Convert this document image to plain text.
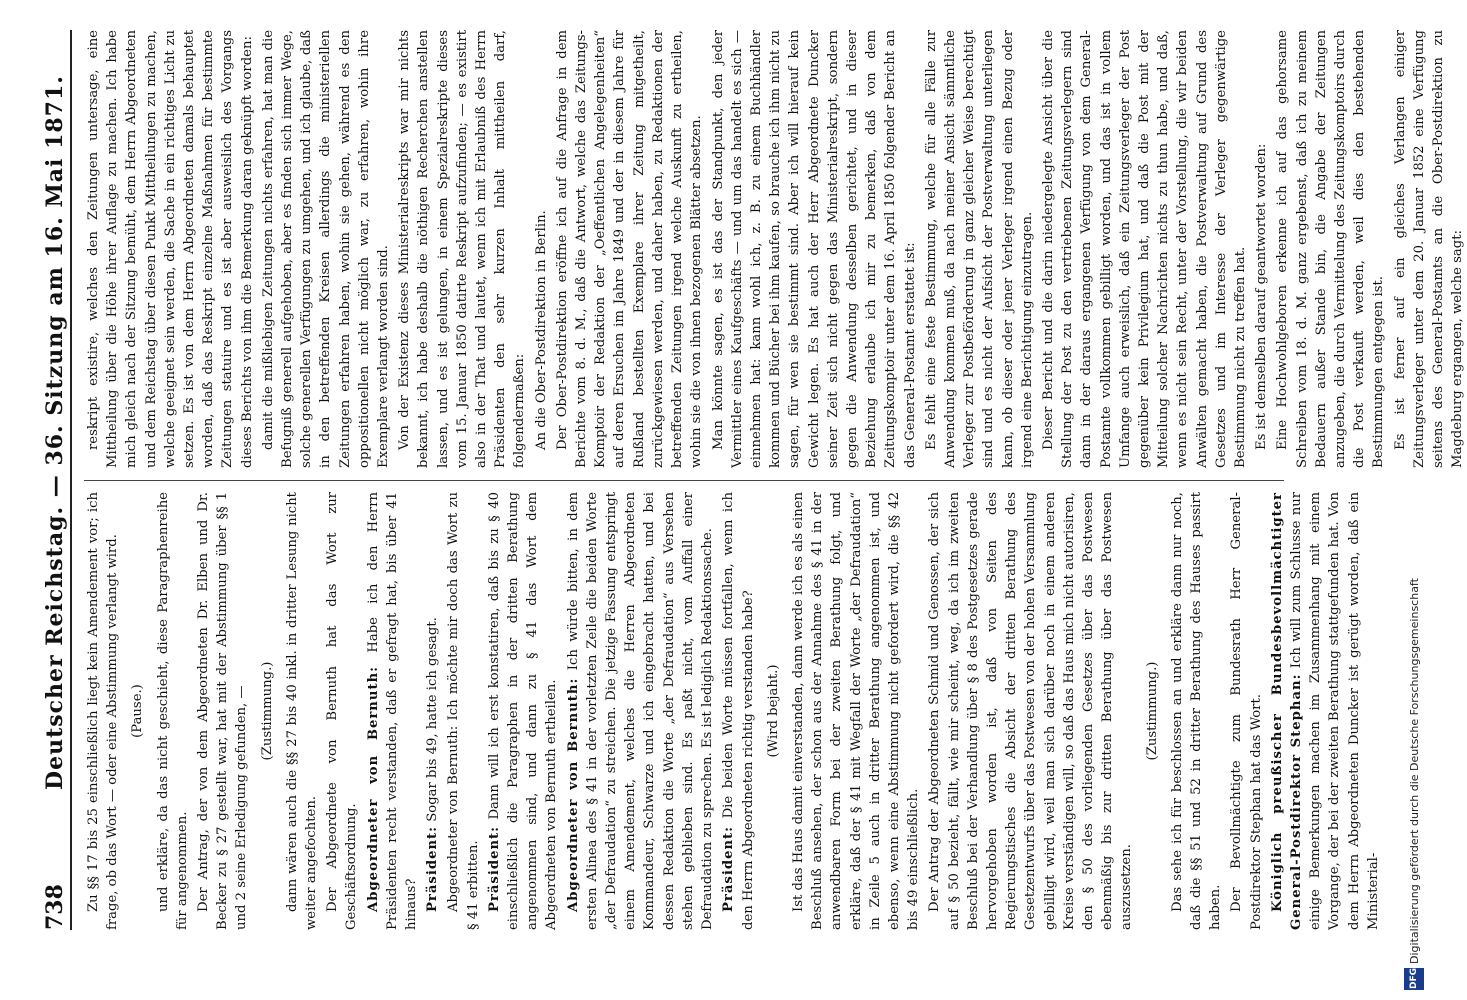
738
Deutscher Reichstag. — 36. Sitzung am 16. Mai 1871. Zu §§ 17 bis 25 einschließlich liegt kein Amendement vor; ich frage, ob das Wort — oder eine Abstimmung verlangt wird. (Pause.) und erkläre, da das nicht geschieht, diese Paragraphenreihe für angenommen. Der Antrag, der von dem Abgeordneten Dr. Elben und Dr. Becker zu § 27 gestellt war, hat mit der Abstimmung über §§ 1 und 2 seine Erledigung gefunden, — (Zustimmung.) dann wären auch die §§ 27 bis 40 inkl. in dritter Lesung nicht weiter angefochten. Der Abgeordnete von Bernuth hat das Wort zur Geschäftsordnung. Abgeordneter von Bernuth: Habe ich den Herrn Präsidenten recht verstanden, daß er gefragt hat, bis über 41 hinaus? Präsident: Sogar bis 49, hatte ich gesagt. Abgeordneter von Bernuth: Ich möchte mir doch das Wort zu § 41 erbitten. Präsident: Dann will ich erst konstatiren, daß bis zu § 40 einschließlich die Paragraphen in der dritten Berathung angenommen sind, und dann zu § 41 das Wort dem Abgeordneten von Bernuth ertheilen. Abgeordneter von Bernuth: Ich würde bitten, in dem ersten Alinea des § 41 in der vorletzten Zeile die beiden Worte „der Defraudation“ zu streichen. Die jetzige Fassung entspringt einem Amendement, welches die Herren Abgeordneten Kommandeur, Schwarze und ich eingebracht hatten, und bei dessen Redaktion die Worte „der Defraudation“ aus Versehen stehen geblieben sind. Es paßt nicht, vom Auffall einer Defraudation zu sprechen. Es ist lediglich Redaktionssache. Präsident: Die beiden Worte müssen fortfallen, wenn ich den Herrn Abgeordneten richtig verstanden habe? (Wird bejaht.) Ist das Haus damit einverstanden, dann werde ich es als einen Beschluß ansehen, der schon aus der Annahme des § 41 in der anwendbaren Form bei der zweiten Berathung folgt, und erkläre, daß der § 41 mit Wegfall der Worte „der Defraudation“ in Zeile 5 auch in dritter Berathung angenommen ist, und ebenso, wenn eine Abstimmung nicht gefordert wird, die §§ 42 bis 49 einschließlich. Der Antrag der Abgeordneten Schmid und Genossen, der sich auf § 50 bezieht, fällt, wie mir scheint, weg, da ich im zweiten Beschluß bei der Verhandlung über § 8 des Postgesetzes gerade hervorgehoben worden ist, daß von Seiten des Regierungstisches die Absicht der dritten Berathung des Gesetzentwurfs über das Postwesen von der hohen Versammlung gebilligt wird, weil man sich darüber noch in einem anderen Kreise verständigen will, so daß das Haus mich nicht autorisiren, den § 50 des vorliegenden Gesetzes über das Postwesen ebenmäßig bis zur dritten Berathung über das Postwesen auszusetzen.

(Zustimmung.) Das sehe ich für beschlossen an und erkläre dann nur noch, daß die §§ 51 und 52 in dritter Berathung des Hauses passirt haben. Der Bevollmächtigte zum Bundesrath Herr General-Postdirektor Stephan hat das Wort. Königlich preußischer Bundesbevollmächtigter General-Postdirektor Stephan: Ich will zum Schlusse nur einige Bemerkungen machen im Zusammenhang mit einem Vorgange, der bei der zweiten Berathung stattgefunden hat. Von dem Herrn Abgeordneten Duncker ist gerügt worden, daß ein Ministerial-

reskript existire, welches den Zeitungen untersage, eine Mittheilung über die Höhe ihrer Auflage zu machen. Ich habe mich gleich nach der Sitzung bemüht, dem Herrn Abgeordneten und dem Reichstag über diesen Punkt Mittheilungen zu machen, welche geeignet sein werden, die Sache in ein richtiges Licht zu setzen. Es ist von dem Herrn Abgeordneten damals behauptet worden, daß das Reskript einzelne Maßnahmen für bestimmte Zeitungen statuire und es ist aber ausweislich des Vorgangs dieses Berichts von ihm die Bemerkung daran geknüpft worden: damit die mißliebigen Zeitungen nichts erfahren, hat man die Befugniß generell aufgehoben, aber es finden sich immer Wege, solche generellen Verfügungen zu umgehen, und ich glaube, daß in den betreffenden Kreisen allerdings die ministeriellen Zeitungen erfahren haben, wohin sie gehen, während es den oppositionellen nicht möglich war, zu erfahren, wohin ihre Exemplare verlangt worden sind. Von der Existenz dieses Ministerialreskripts war mir nichts bekannt, ich habe deshalb die nöthigen Recherchen anstellen lassen, und es ist gelungen, in einem Spezialreskripte dieses vom 15. Januar 1850 datirte Reskript aufzufinden; — es existirt also in der That und lautet, wenn ich mit Erlaubniß des Herrn Präsidenten den sehr kurzen Inhalt mittheilen darf, folgendermaßen: An die Ober-Postdirektion in Berlin. Der Ober-Postdirektion eröffne ich auf die Anfrage in dem Berichte vom 8. d. M., daß die Antwort, welche das Zeitungs-Komptoir der Redaktion der „Oeffentlichen Angelegenheiten“ auf deren Ersuchen im Jahre 1849 und der in diesem Jahre für Rußland bestellten Exemplare ihrer Zeitung mitgetheilt, zurückgewiesen werden, und daher haben, zu Redaktionen der betreffenden Zeitungen irgend welche Auskunft zu ertheilen, wohin sie die von ihnen bezogenen Blätter absetzen. Man könnte sagen, es ist das der Standpunkt, den jeder Vermittler eines Kaufgeschäfts — und um das handelt es sich — einnehmen hat: kann wohl ich, z. B. zu einem Buchhändler kommen und Bücher bei ihm kaufen, so brauche ich ihm nicht zu sagen, für wen sie bestimmt sind. Aber ich will hierauf kein Gewicht legen. Es hat auch der Herr Abgeordnete Duncker seiner Zeit sich nicht gegen das Ministerialreskript, sondern gegen die Anwendung desselben gerichtet, und in dieser Beziehung erlaube ich mir zu bemerken, daß von dem Zeitungskomptoir unter dem 16. April 1850 folgender Bericht an das General-Postamt erstattet ist: Es fehlt eine feste Bestimmung, welche für alle Fälle zur Anwendung kommen muß, da nach meiner Ansicht sämmtliche Verleger zur Postbeförderung in ganz gleicher Weise berechtigt sind und es nicht der Aufsicht der Postverwaltung unterliegen kann, ob dieser oder jener Verleger irgend einen Bezug oder irgend eine Berichtigung einzutragen. Dieser Bericht und die darin niedergelegte Ansicht über die Stellung der Post zu den vertriebenen Zeitungsverlegern sind dann in der daraus ergangenen Verfügung von dem General-Postamte vollkommen gebilligt worden, und das ist in vollem Umfange auch erweislich, daß ein Zeitungsverleger der Post gegenüber kein Privilegium hat, und daß die Post mit der Mitteilung solcher Nachrichten nichts zu thun habe, und daß, wenn es nicht sein Recht, unter der Vorstellung, die wir beiden Anwälten gemacht haben, die Postverwaltung auf Grund des Gesetzes und im Interesse der Verleger gegenwärtige Bestimmung nicht zu treffen hat. Es ist demselben darauf geantwortet worden: Eine Hochwohlgeboren erkenne ich auf das gehorsame Schreiben vom 18. d. M. ganz ergebenst, daß ich zu meinem Bedauern außer Stande bin, die Angabe der Zeitungen anzugeben, die durch Vermittelung des Zeitungskomptoirs durch die Post verkauft werden, weil dies den bestehenden Bestimmungen entgegen ist. Es ist ferner auf ein gleiches Verlangen einiger Zeitungsverleger unter dem 20. Januar 1852 eine Verfügung seitens des General-Postamts an die Ober-Postdirektion zu Magdeburg ergangen, welche sagt:

DFG
Digitalisierung gefördert durch die Deutsche Forschungsgemeinschaft
